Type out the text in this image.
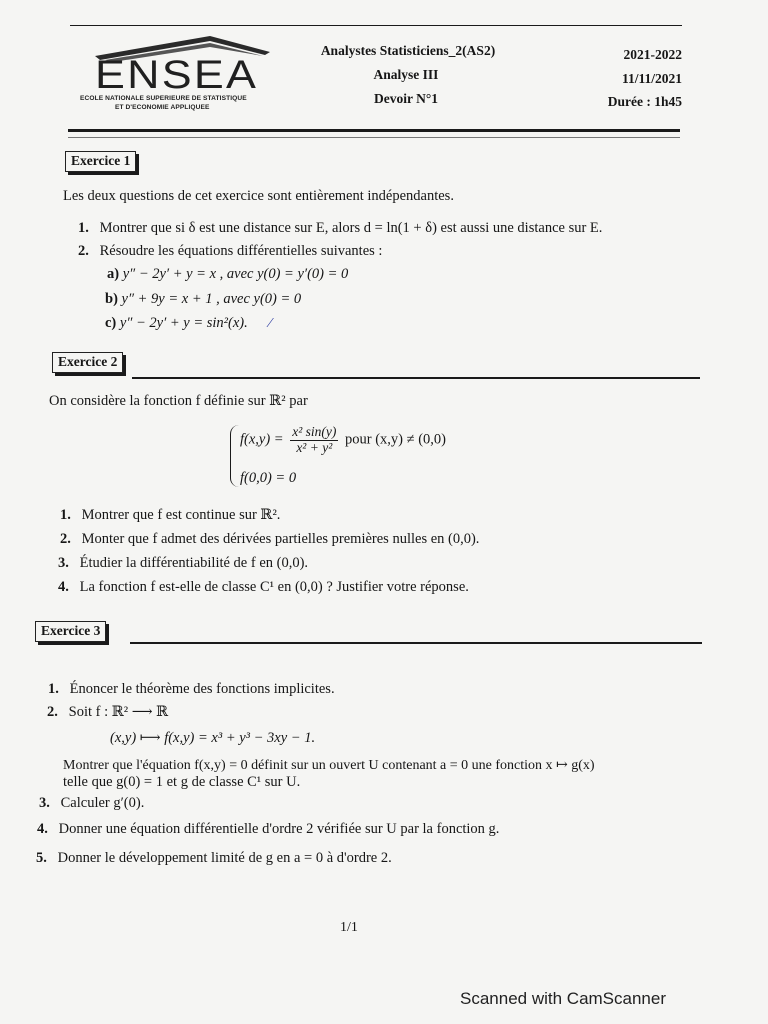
ENSEA
ECOLE NATIONALE SUPERIEURE DE STATISTIQUE
ET D'ECONOMIE APPLIQUEE
Analystes Statisticiens_2(AS2)
Analyse III
Devoir N°1
2021-2022
11/11/2021
Durée : 1h45
Exercice 1
Les deux questions de cet exercice sont entièrement indépendantes.
1. Montrer que si δ est une distance sur E, alors d = ln(1 + δ) est aussi une distance sur E.
2. Résoudre les équations différentielles suivantes :
a) y″ − 2y′ + y = x , avec y(0) = y′(0) = 0
b) y″ + 9y = x + 1 , avec y(0) = 0
c) y″ − 2y′ + y = sin²(x). ⁄
Exercice 2
On considère la fonction f définie sur ℝ² par
$f(x,y) = \frac{\text{x² sin(y)}}{\text{x² + y²}}$ pour (x,y) ≠ (0,0)
f(0,0) = 0
1. Montrer que f est continue sur ℝ².
2. Monter que f admet des dérivées partielles premières nulles en (0,0).
3. Étudier la différentiabilité de f en (0,0).
4. La fonction f est-elle de classe C¹ en (0,0) ? Justifier votre réponse.
Exercice 3
1. Énoncer le théorème des fonctions implicites.
2. Soit f : ℝ² ⟶ ℝ
(x,y) ⟼ f(x,y) = x³ + y³ − 3xy − 1.
Montrer que l'équation f(x,y) = 0 définit sur un ouvert U contenant a = 0 une fonction x ↦ g(x)
telle que g(0) = 1 et g de classe C¹ sur U.
3. Calculer g′(0).
4. Donner une équation différentielle d'ordre 2 vérifiée sur U par la fonction g.
5. Donner le développement limité de g en a = 0 à d'ordre 2.
1/1
Scanned with CamScanner
